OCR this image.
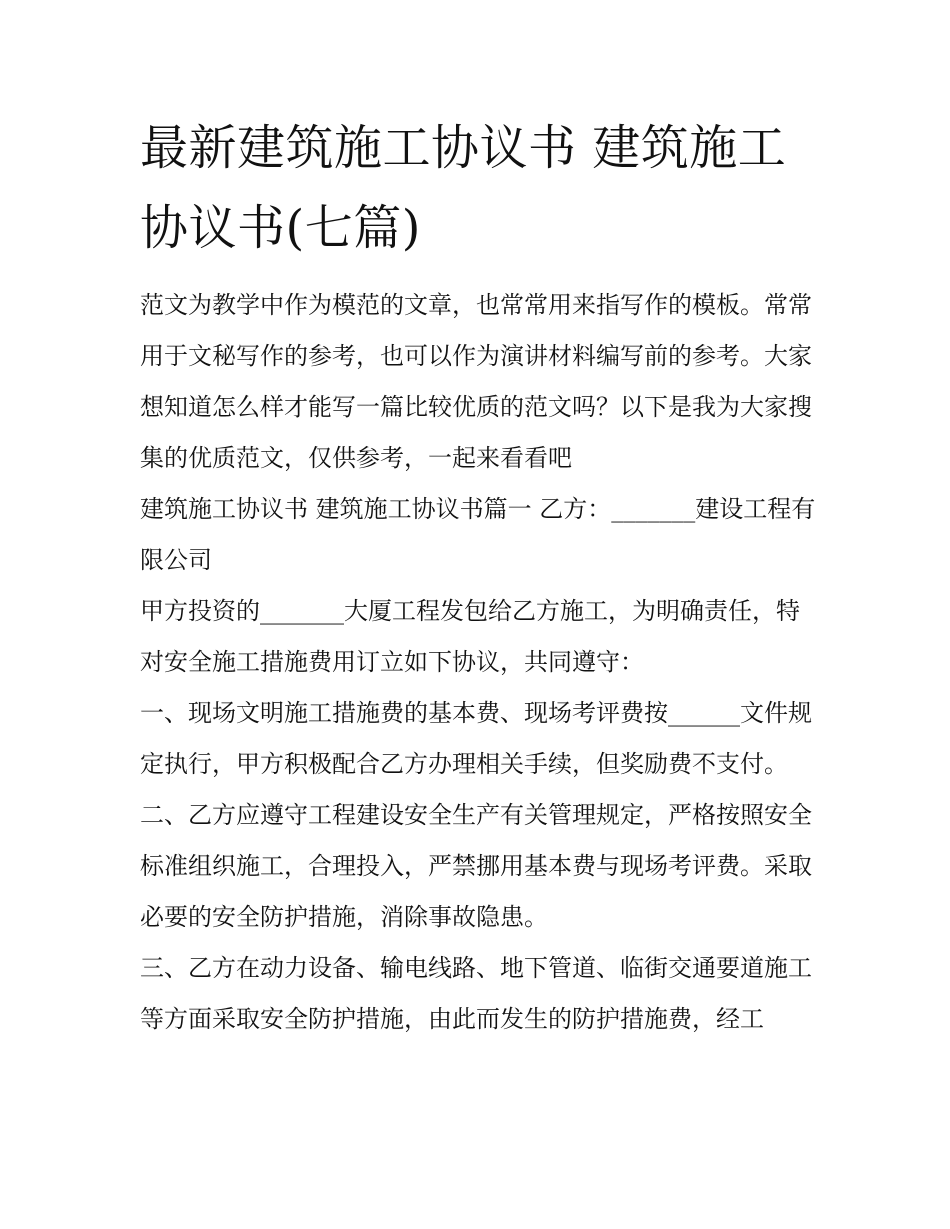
最新建筑施工协议书 建筑施工协议书(七篇)

范文为教学中作为模范的文章，也常常用来指写作的模板。常常用于文秘写作的参考，也可以作为演讲材料编写前的参考。大家想知道怎么样才能写一篇比较优质的范文吗？以下是我为大家搜集的优质范文，仅供参考，一起来看看吧

建筑施工协议书 建筑施工协议书篇一 乙方：_______建设工程有限公司

甲方投资的_______大厦工程发包给乙方施工，为明确责任，特对安全施工措施费用订立如下协议，共同遵守：

一、现场文明施工措施费的基本费、现场考评费按______文件规定执行，甲方积极配合乙方办理相关手续，但奖励费不支付。

二、乙方应遵守工程建设安全生产有关管理规定，严格按照安全标准组织施工，合理投入，严禁挪用基本费与现场考评费。采取必要的安全防护措施，消除事故隐患。

三、乙方在动力设备、输电线路、地下管道、临街交通要道施工等方面采取安全防护措施，由此而发生的防护措施费，经工
